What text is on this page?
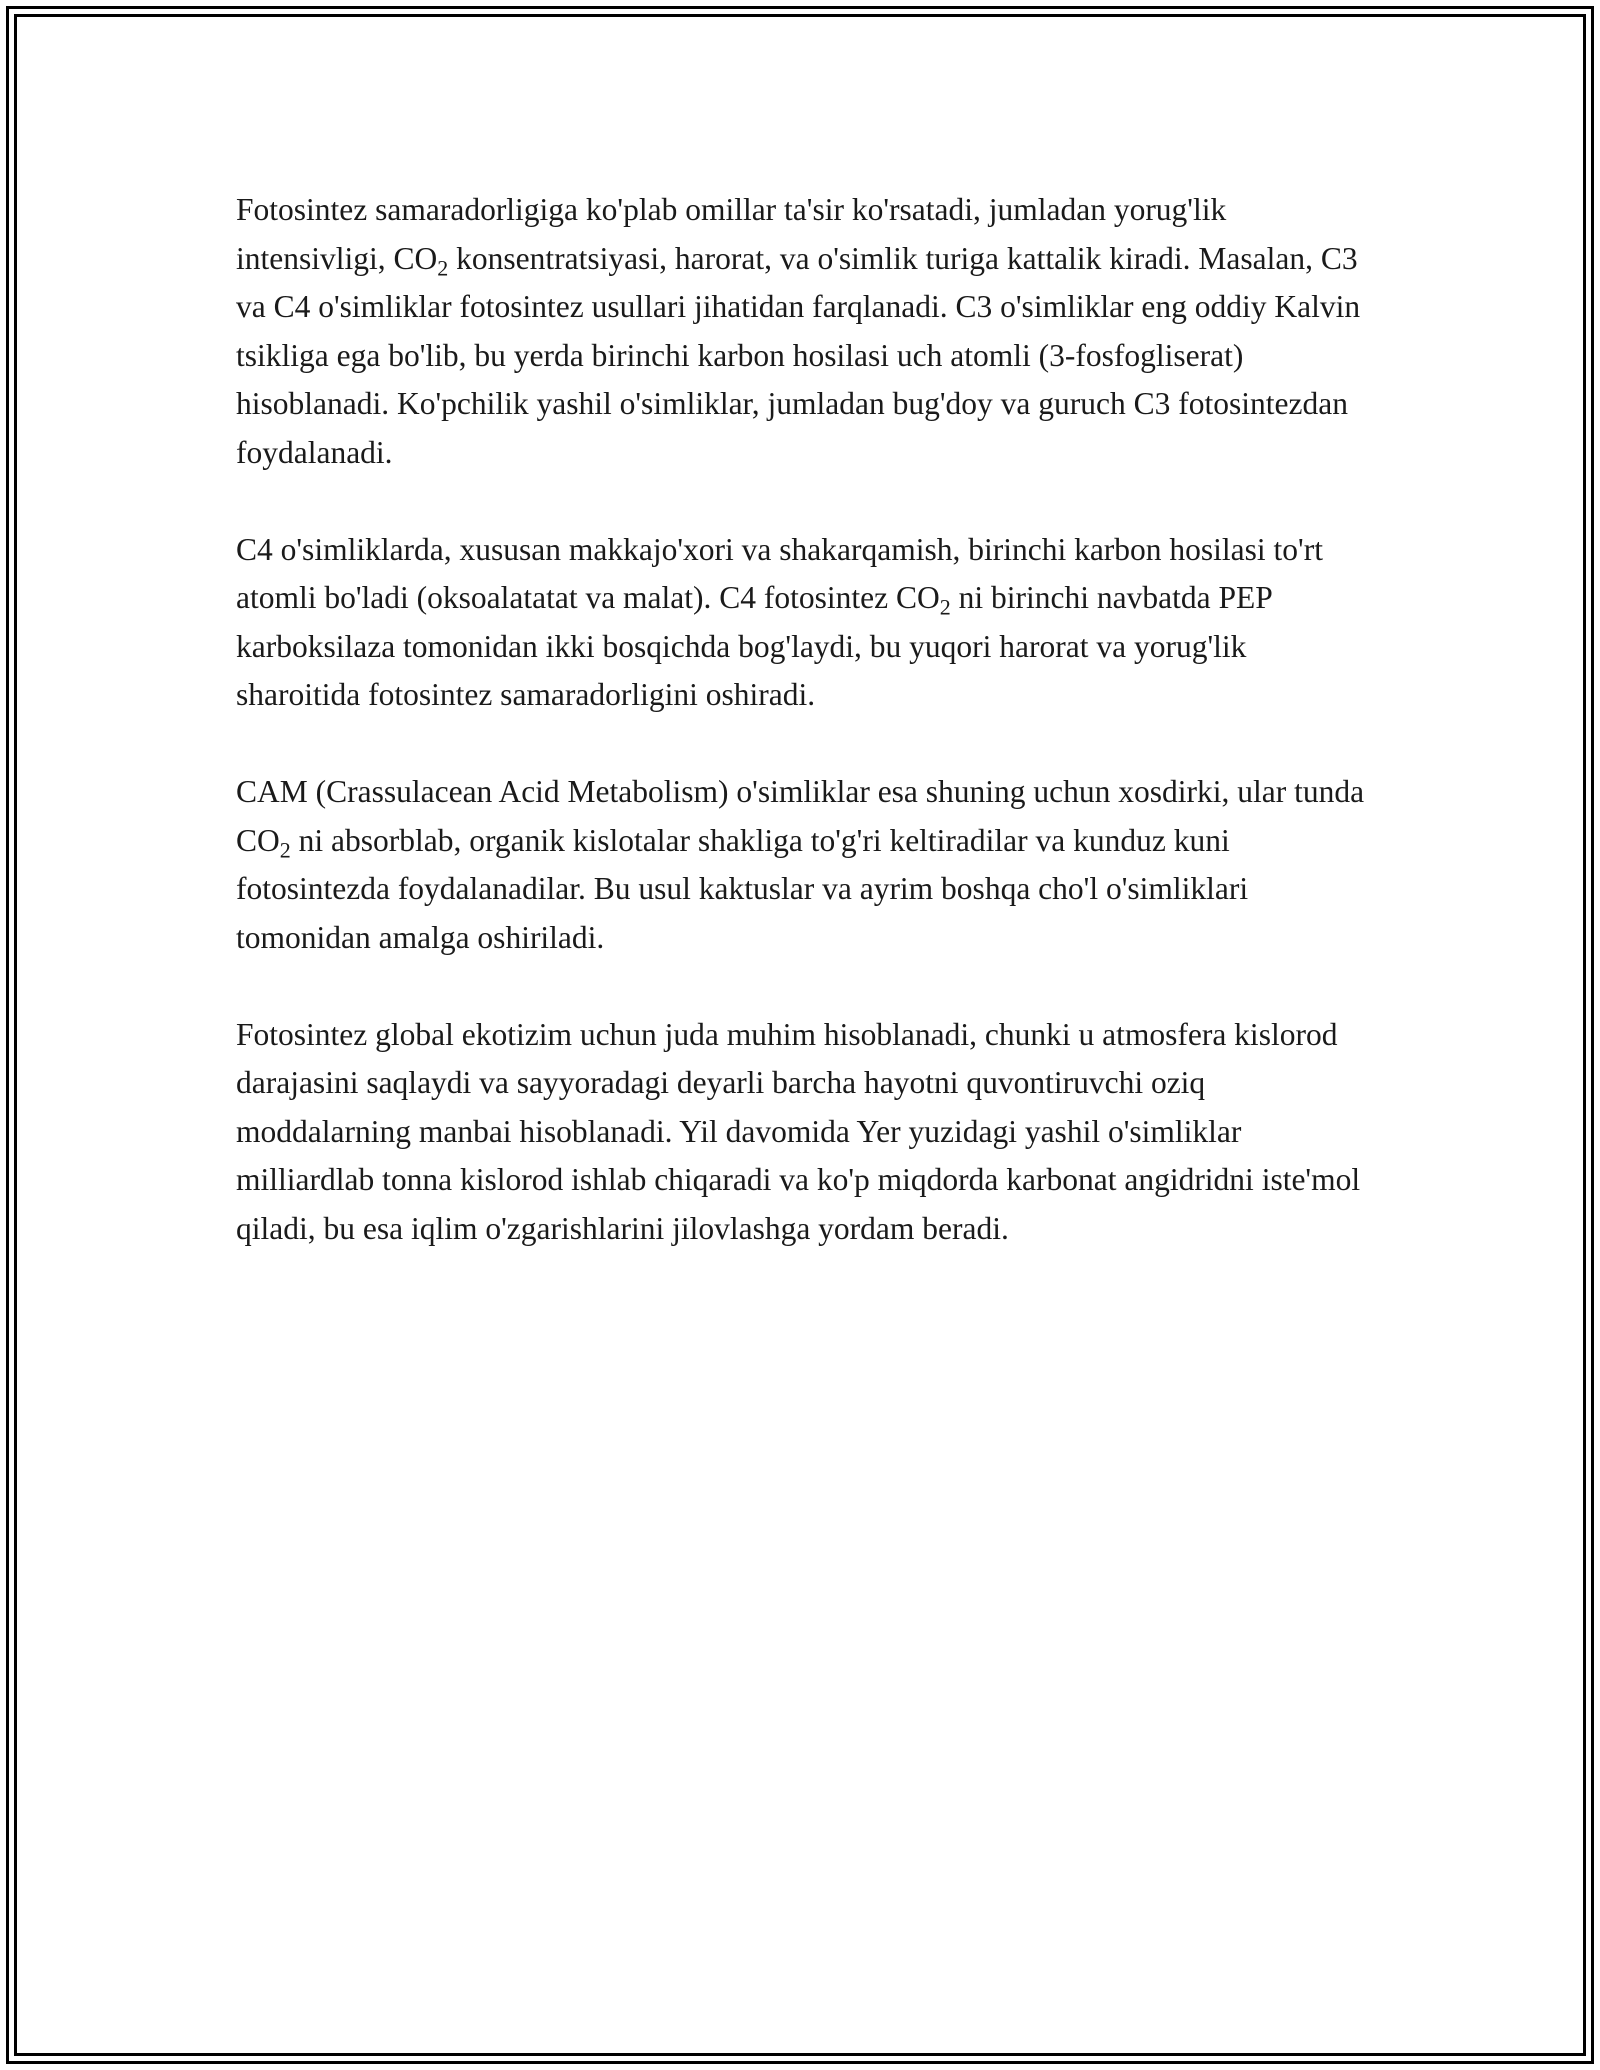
Fotosintez samaradorligiga ko'plab omillar ta'sir ko'rsatadi, jumladan yorug'lik intensivligi, $CO_2$ konsentratsiyasi, harorat, va o'simlik turiga kattalik kiradi. Masalan, C3 va C4 o'simliklar fotosintez usullari jihatidan farqlanadi. C3 o'simliklar eng oddiy Kalvin tsikliga ega bo'lib, bu yerda birinchi karbon hosilasi uch atomli (3-fosfogliserat) hisoblanadi. Ko'pchilik yashil o'simliklar, jumladan bug'doy va guruch C3 fotosintezdan foydalanadi.

C4 o'simliklarda, xususan makkajo'xori va shakarqamish, birinchi karbon hosilasi to'rt atomli bo'ladi (oksoalatatat va malat). C4 fotosintez $CO_2$ ni birinchi navbatda PEP karboksilaza tomonidan ikki bosqichda bog'laydi, bu yuqori harorat va yorug'lik sharoitida fotosintez samaradorligini oshiradi.

CAM (Crassulacean Acid Metabolism) o'simliklar esa shuning uchun xosdirki, ular tunda $CO_2$ ni absorblab, organik kislotalar shakliga to'g'ri keltiradilar va kunduz kuni fotosintezda foydalanadilar. Bu usul kaktuslar va ayrim boshqa cho'l o'simliklari tomonidan amalga oshiriladi.

Fotosintez global ekotizim uchun juda muhim hisoblanadi, chunki u atmosfera kislorod darajasini saqlaydi va sayyoradagi deyarli barcha hayotni quvontiruvchi oziq moddalarning manbai hisoblanadi. Yil davomida Yer yuzidagi yashil o'simliklar milliardlab tonna kislorod ishlab chiqaradi va ko'p miqdorda karbonat angidridni iste'mol qiladi, bu esa iqlim o'zgarishlarini jilovlashga yordam beradi.
